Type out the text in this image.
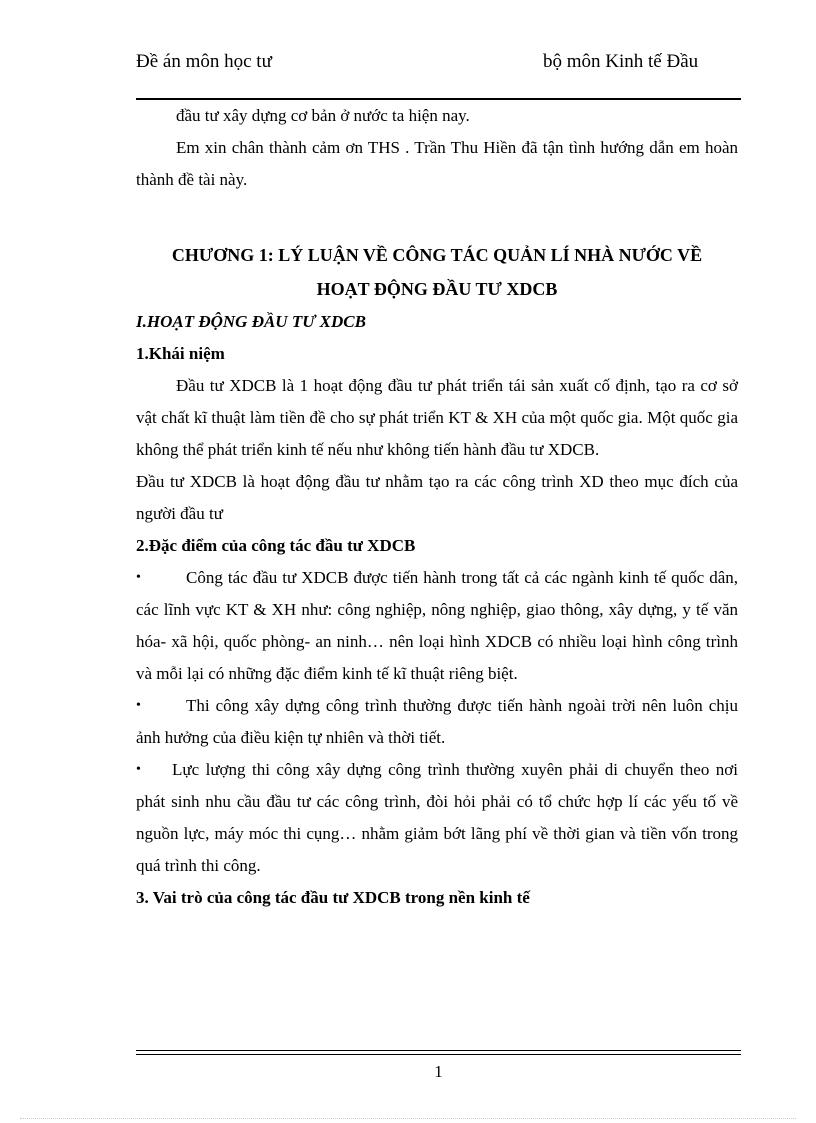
Đề án môn học tư	bộ môn Kinh tế Đầu

đầu tư xây dựng cơ bản ở nước ta hiện nay.

Em xin chân thành cảm ơn THS . Trần Thu Hiền đã tận tình hướng dẫn em hoàn thành đề tài này.

CHƯƠNG 1: LÝ LUẬN VỀ CÔNG TÁC QUẢN LÍ NHÀ NƯỚC VỀ
HOẠT ĐỘNG ĐẦU TƯ XDCB

I.HOẠT ĐỘNG ĐẦU TƯ XDCB

1.Khái niệm

Đầu tư XDCB là 1 hoạt động đầu tư phát triển tái sản xuất cố định, tạo ra cơ sở vật chất kĩ thuật làm tiền đề cho sự phát triển KT & XH của một quốc gia. Một quốc gia không thể phát triển kinh tế nếu như không tiến hành đầu tư XDCB.

Đầu tư XDCB là hoạt động đầu tư nhằm tạo ra các công trình XD theo mục đích của người đầu tư

2.Đặc điểm của công tác đầu tư XDCB

•	Công tác đầu tư XDCB được tiến hành trong tất cả các ngành kinh tế quốc dân, các lĩnh vực KT & XH như: công nghiệp, nông nghiệp, giao thông, xây dựng, y tế văn hóa- xã hội, quốc phòng- an ninh… nên loại hình XDCB có nhiều loại hình công trình và mỗi lại có những đặc điểm kinh tế kĩ thuật riêng biệt.

•	Thi công xây dựng công trình thường được tiến hành ngoài trời nên luôn chịu ảnh hưởng của điều kiện tự nhiên và thời tiết.

•	Lực lượng thi công xây dựng công trình thường xuyên phải di chuyển theo nơi phát sinh nhu cầu đầu tư các công trình, đòi hỏi phải có tổ chức hợp lí các yếu tố về nguồn lực, máy móc thi cụng… nhằm giảm bớt lãng phí về thời gian và tiền vốn trong quá trình thi công.

3. Vai trò của công tác đầu tư XDCB trong nền kinh tế

1
